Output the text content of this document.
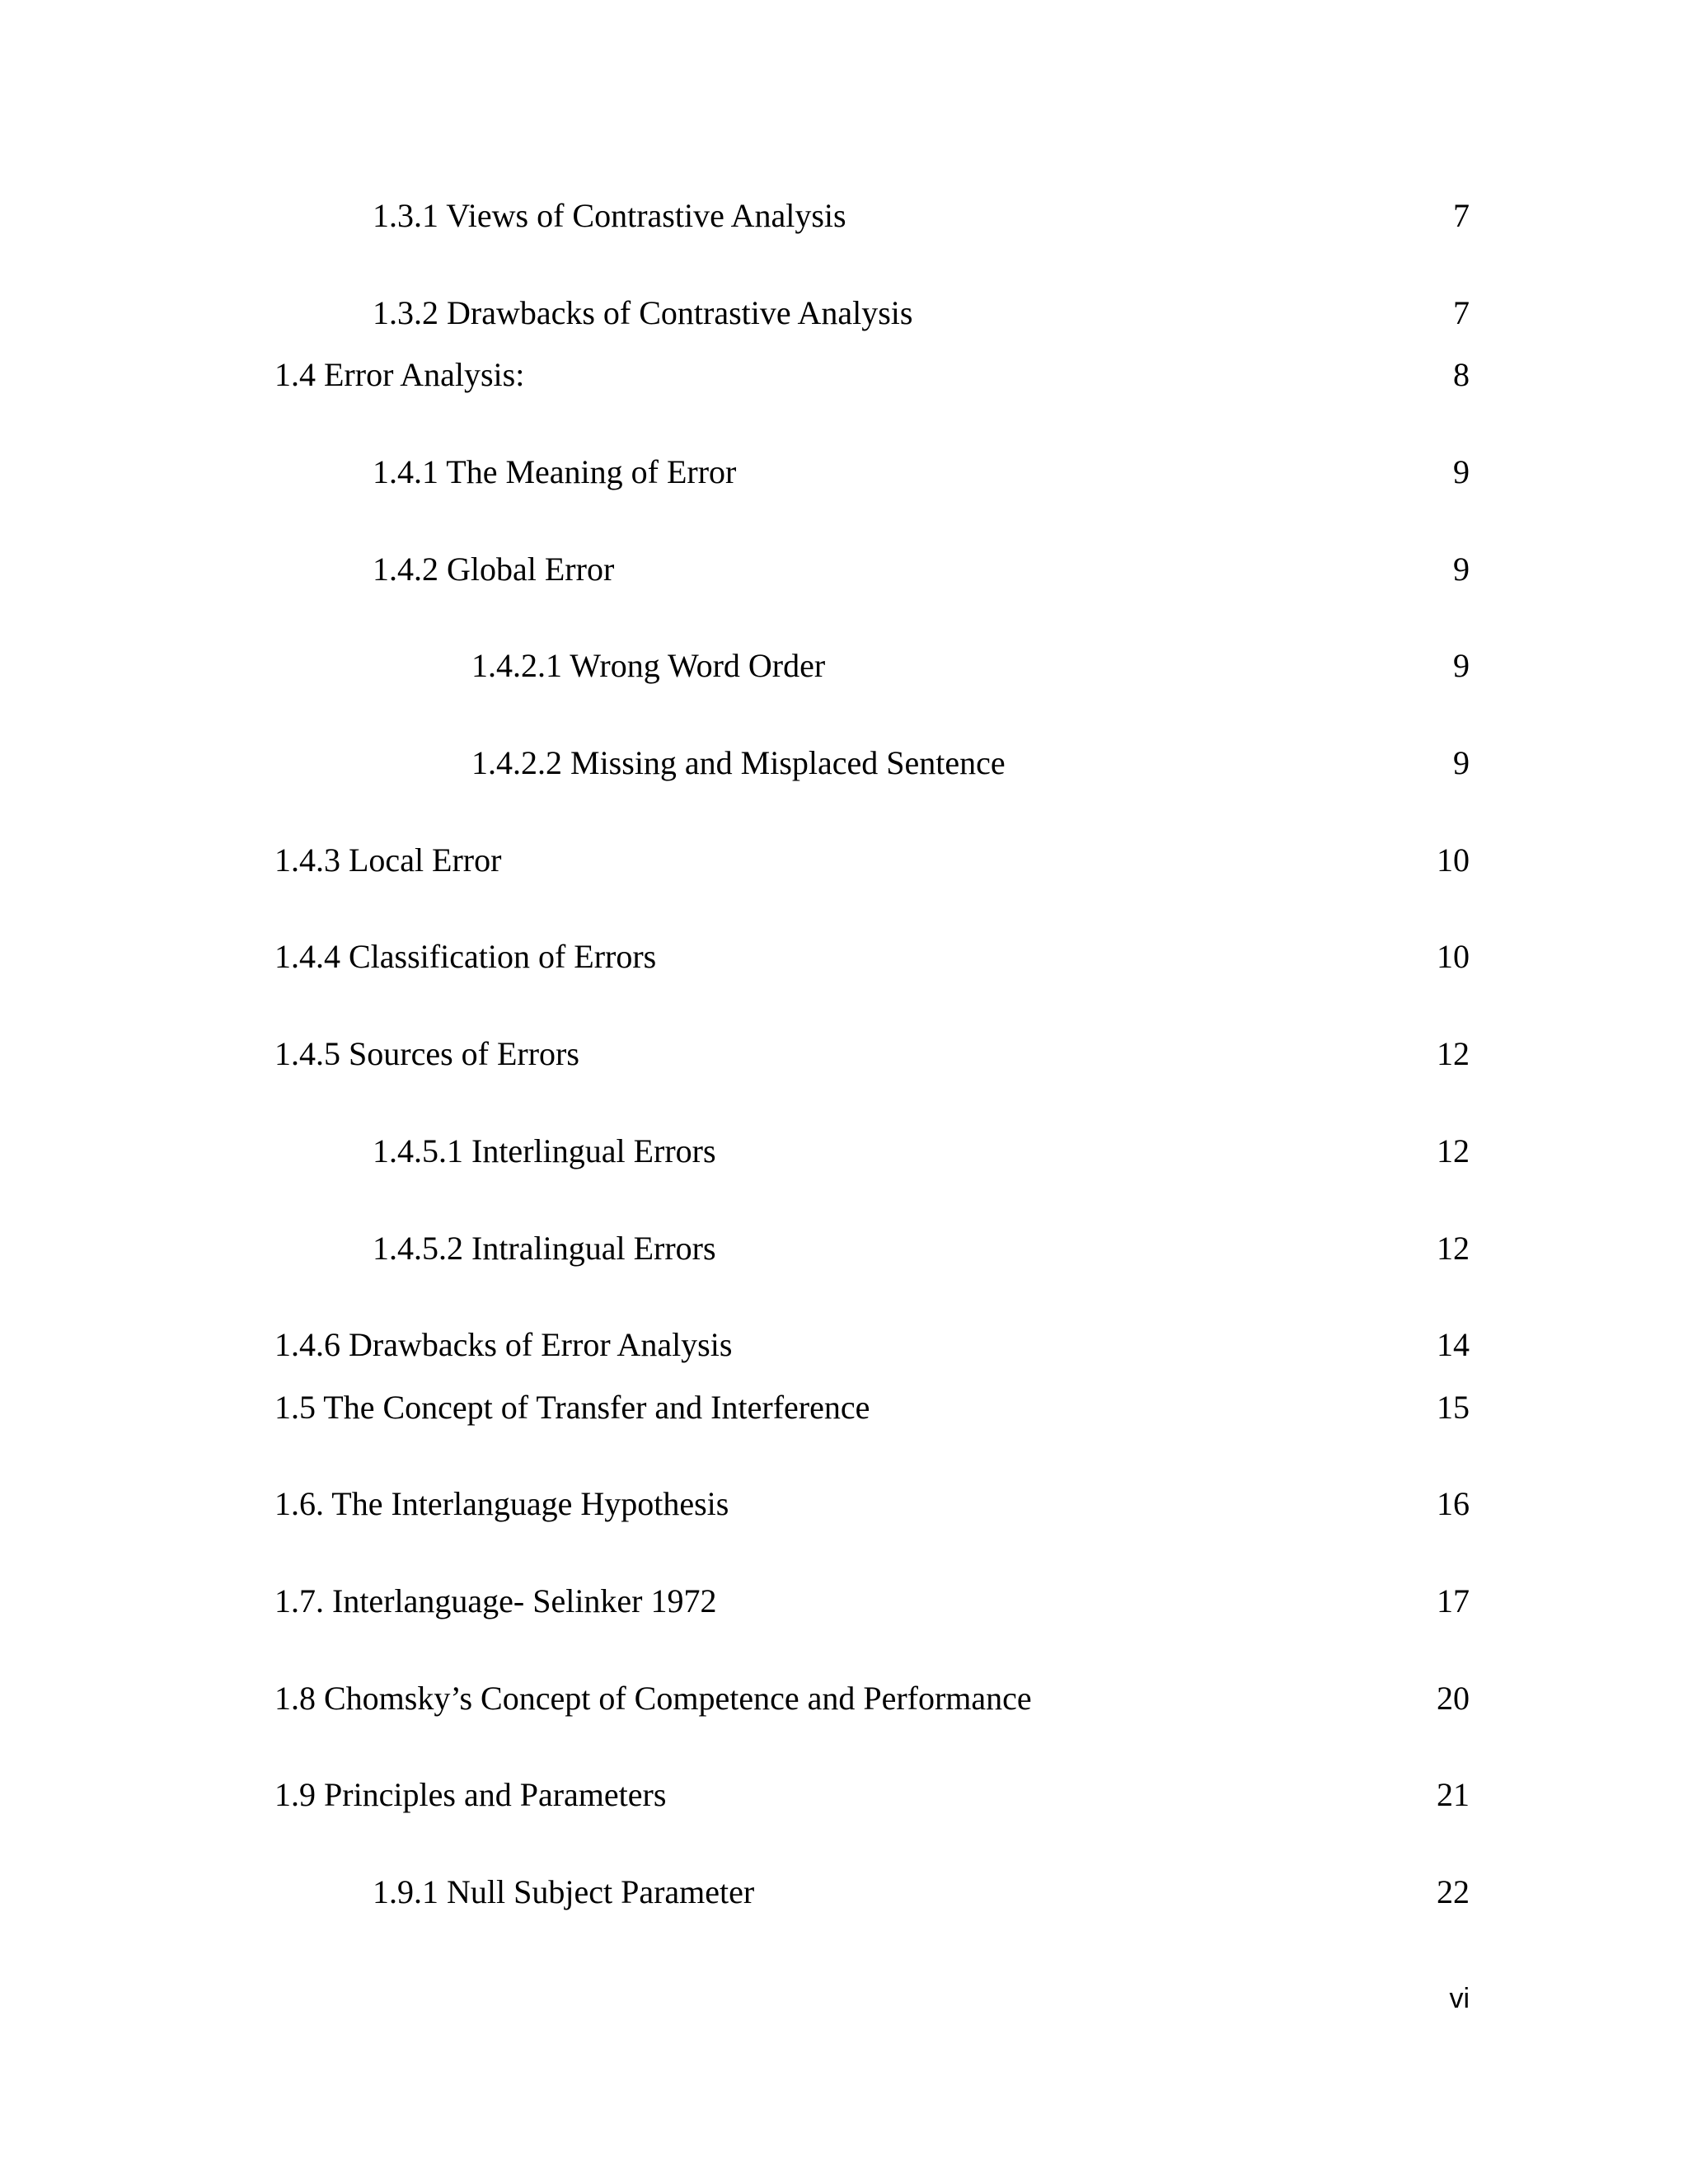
1.3.1 Views of Contrastive Analysis	7
1.3.2 Drawbacks of Contrastive Analysis	7
1.4 Error Analysis:	8
1.4.1 The Meaning of Error	9
1.4.2 Global Error	9
1.4.2.1 Wrong Word Order	9
1.4.2.2 Missing and Misplaced Sentence	9
1.4.3 Local Error	10
1.4.4 Classification of Errors	10
1.4.5 Sources of Errors	12
1.4.5.1 Interlingual Errors	12
1.4.5.2 Intralingual Errors	12
1.4.6 Drawbacks of Error Analysis	14
1.5 The Concept of Transfer and Interference	15
1.6. The Interlanguage Hypothesis	16
1.7. Interlanguage- Selinker 1972	17
1.8 Chomsky’s Concept of Competence and Performance	20
1.9 Principles and Parameters	21
1.9.1 Null Subject Parameter	22
vi
